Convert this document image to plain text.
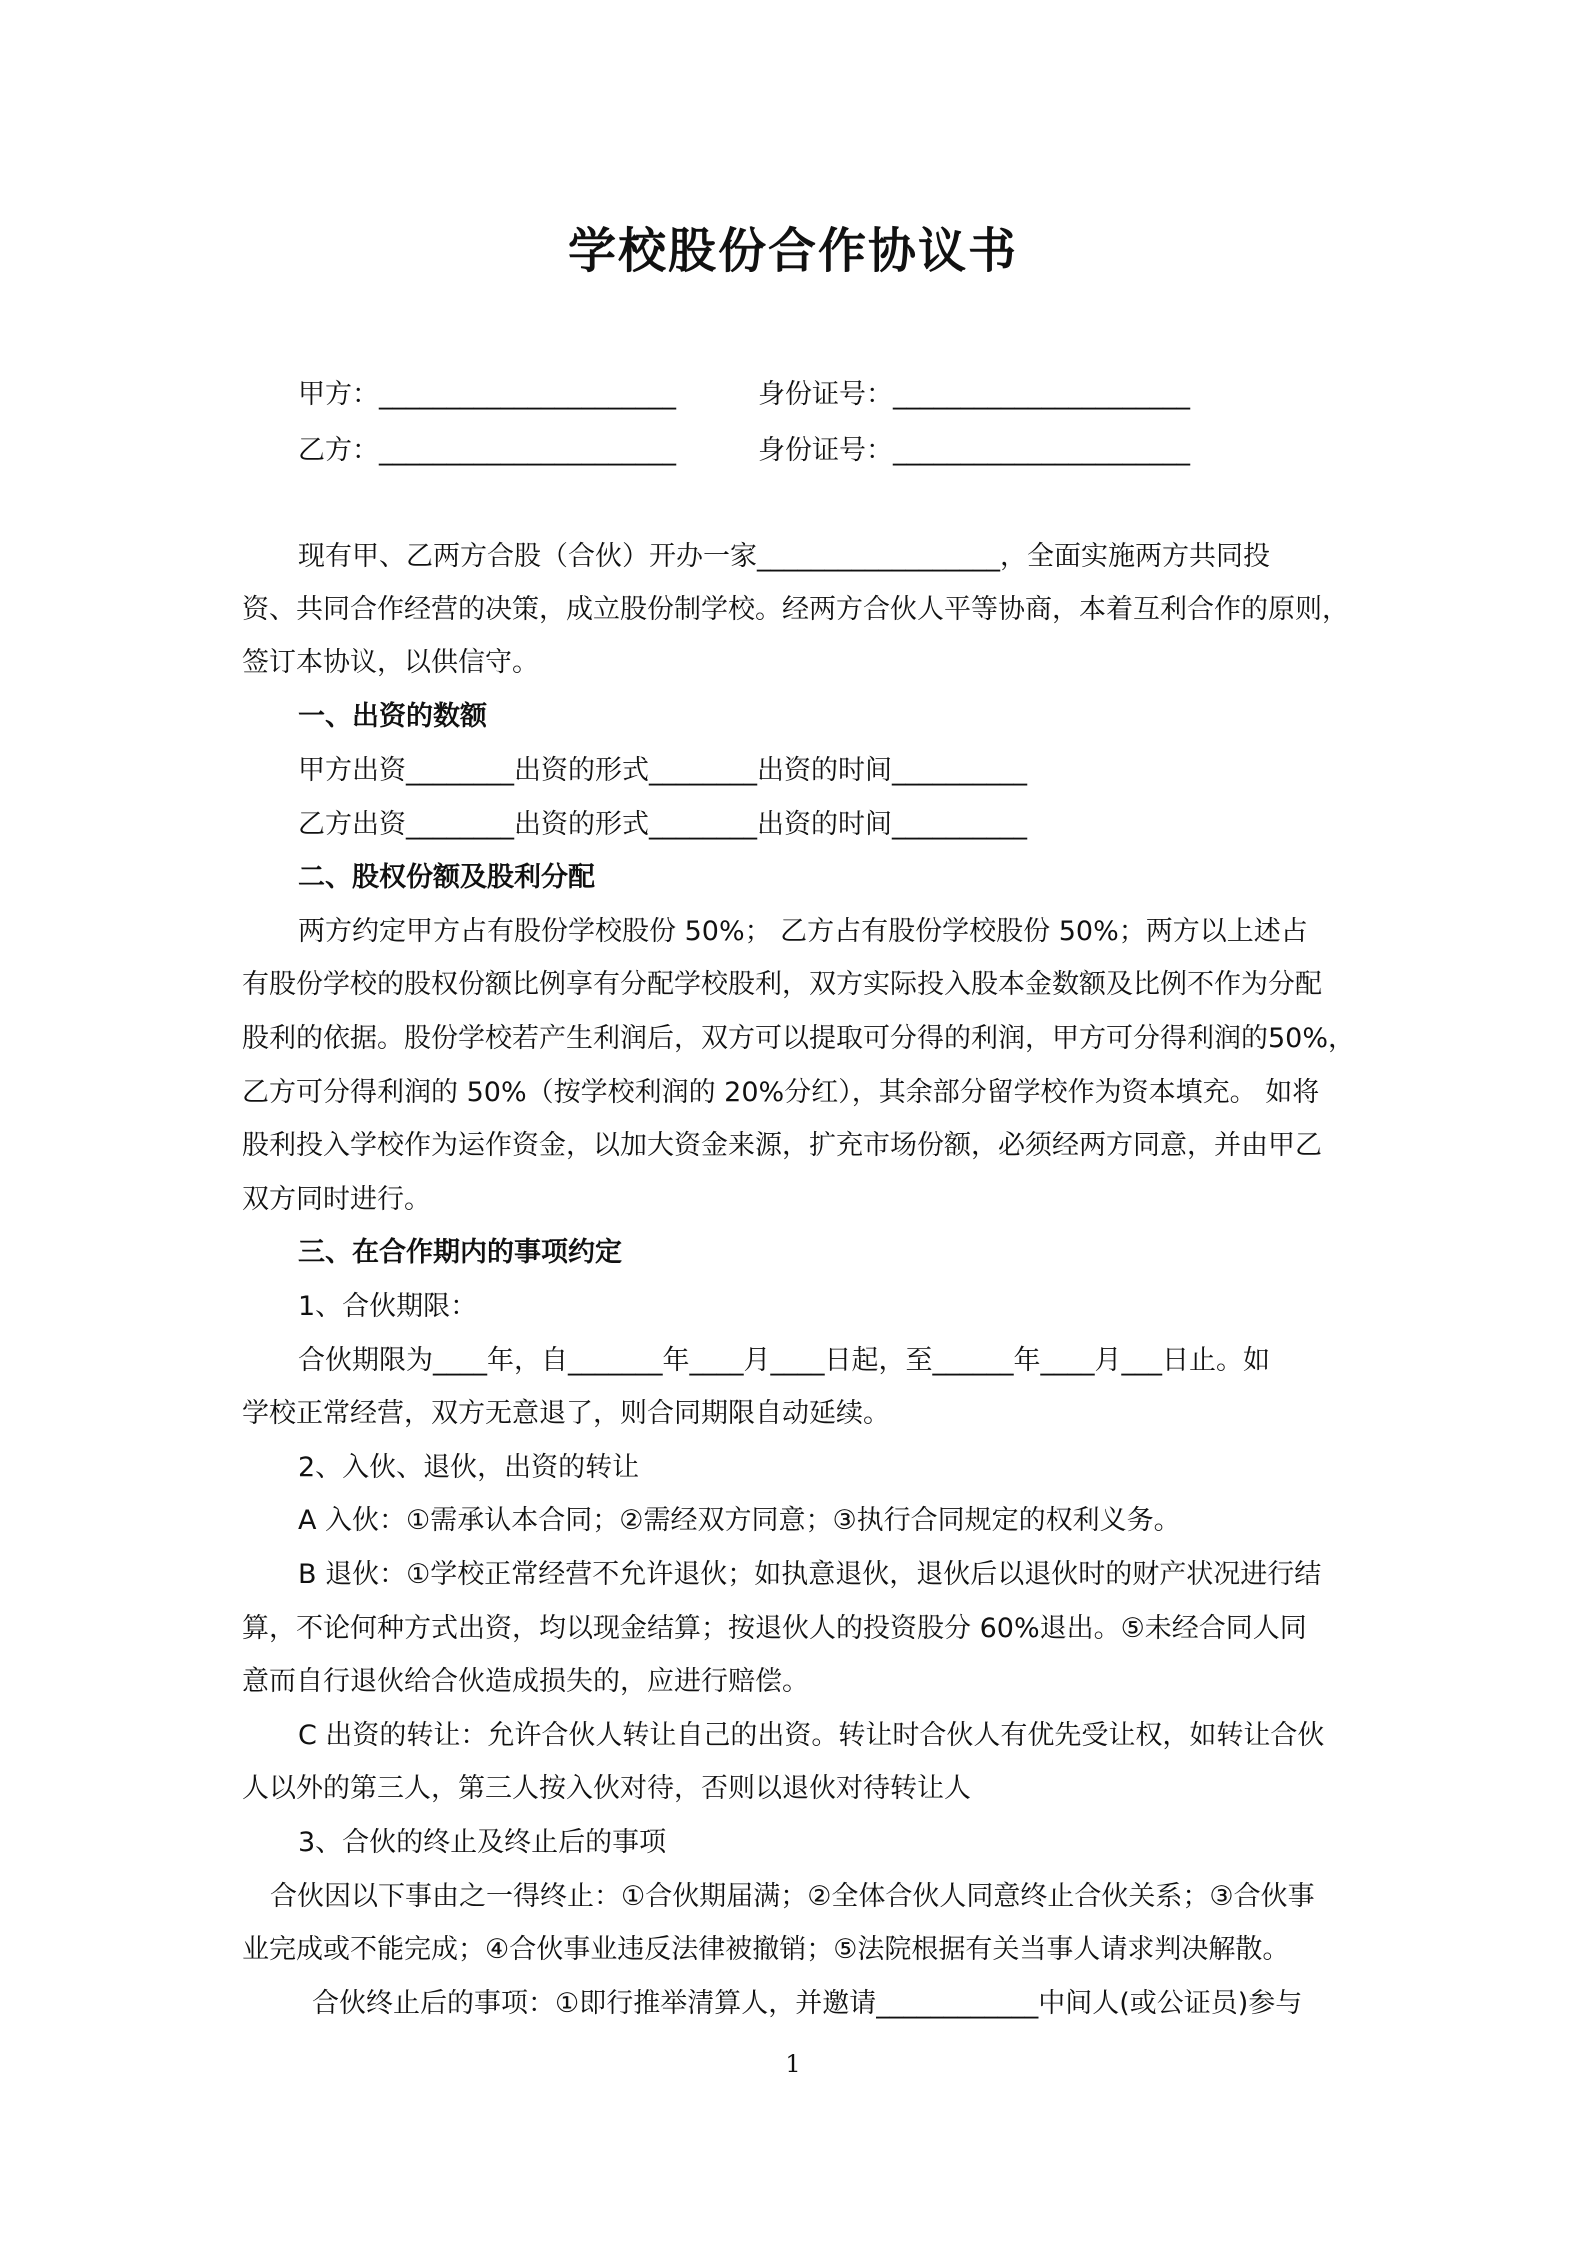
学校股份合作协议书
甲方：______________________	身份证号：______________________
乙方：______________________	身份证号：______________________
现有甲、乙两方合股（合伙）开办一家__________________，全面实施两方共同投
资、共同合作经营的决策，成立股份制学校。经两方合伙人平等协商，本着互利合作的原则，
签订本协议，以供信守。
一、出资的数额
甲方出资________出资的形式________出资的时间__________
乙方出资________出资的形式________出资的时间__________
二、股权份额及股利分配
两方约定甲方占有股份学校股份 50%； 乙方占有股份学校股份 50%；两方以上述占
有股份学校的股权份额比例享有分配学校股利，双方实际投入股本金数额及比例不作为分配
股利的依据。股份学校若产生利润后，双方可以提取可分得的利润，甲方可分得利润的50%，
乙方可分得利润的 50%（按学校利润的 20%分红），其余部分留学校作为资本填充。 如将
股利投入学校作为运作资金，以加大资金来源，扩充市场份额，必须经两方同意，并由甲乙
双方同时进行。
三、在合作期内的事项约定
1、合伙期限：
合伙期限为____年，自_______年____月____日起，至______年____月___日止。如
学校正常经营，双方无意退了，则合同期限自动延续。
2、入伙、退伙，出资的转让
A 入伙：①需承认本合同；②需经双方同意；③执行合同规定的权利义务。
B 退伙：①学校正常经营不允许退伙；如执意退伙，退伙后以退伙时的财产状况进行结
算，不论何种方式出资，均以现金结算；按退伙人的投资股分 60%退出。⑤未经合同人同
意而自行退伙给合伙造成损失的，应进行赔偿。
C 出资的转让：允许合伙人转让自己的出资。转让时合伙人有优先受让权，如转让合伙
人以外的第三人，第三人按入伙对待，否则以退伙对待转让人
3、合伙的终止及终止后的事项
合伙因以下事由之一得终止：①合伙期届满；②全体合伙人同意终止合伙关系；③合伙事
业完成或不能完成；④合伙事业违反法律被撤销；⑤法院根据有关当事人请求判决解散。
合伙终止后的事项：①即行推举清算人，并邀请____________中间人(或公证员)参与
1
